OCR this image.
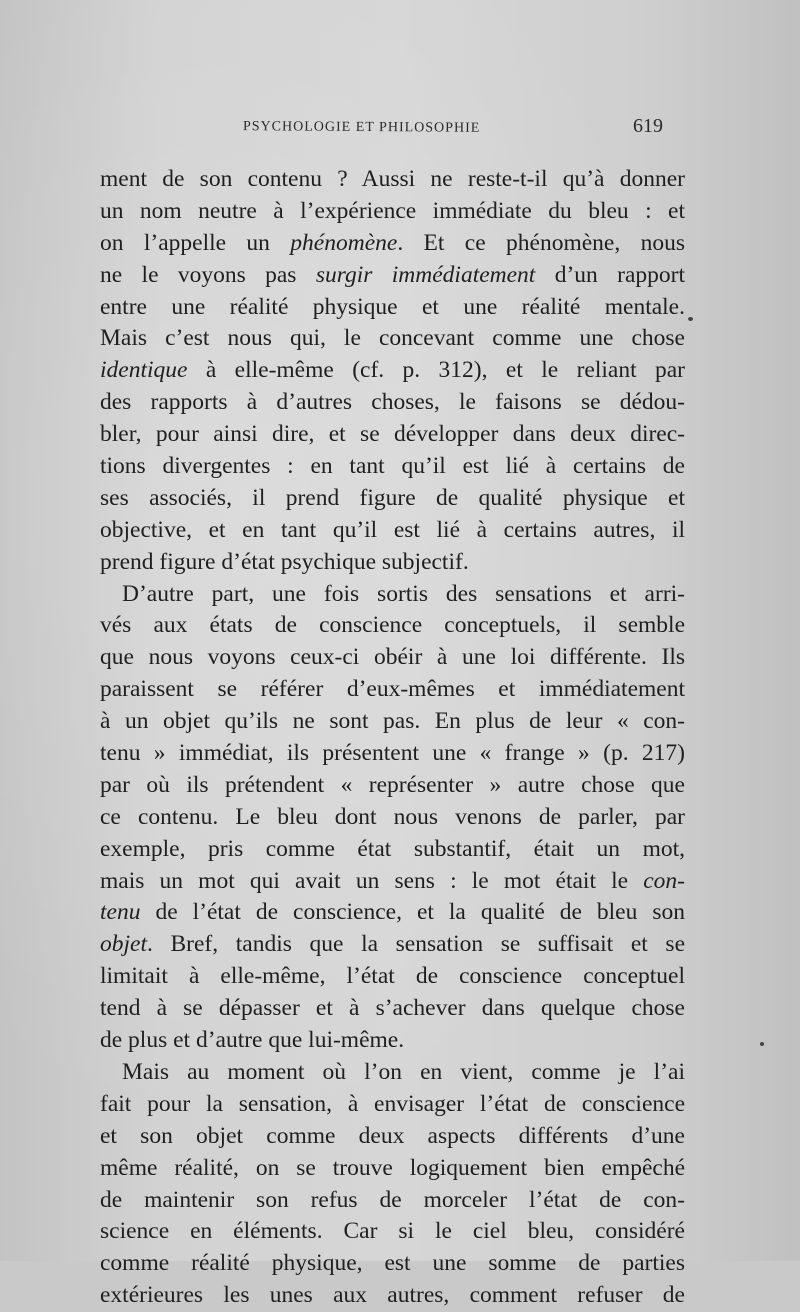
PSYCHOLOGIE ET PHILOSOPHIE	619
ment de son contenu ? Aussi ne reste-t-il qu’à donner
un nom neutre à l’expérience immédiate du bleu : et
on l’appelle un phénomène. Et ce phénomène, nous
ne le voyons pas surgir immédiatement d’un rapport
entre une réalité physique et une réalité mentale.
Mais c’est nous qui, le concevant comme une chose
identique à elle-même (cf. p. 312), et le reliant par
des rapports à d’autres choses, le faisons se dédou-
bler, pour ainsi dire, et se développer dans deux direc-
tions divergentes : en tant qu’il est lié à certains de
ses associés, il prend figure de qualité physique et
objective, et en tant qu’il est lié à certains autres, il
prend figure d’état psychique subjectif.
D’autre part, une fois sortis des sensations et arri-
vés aux états de conscience conceptuels, il semble
que nous voyons ceux-ci obéir à une loi différente. Ils
paraissent se référer d’eux-mêmes et immédiatement
à un objet qu’ils ne sont pas. En plus de leur « con-
tenu » immédiat, ils présentent une « frange » (p. 217)
par où ils prétendent « représenter » autre chose que
ce contenu. Le bleu dont nous venons de parler, par
exemple, pris comme état substantif, était un mot,
mais un mot qui avait un sens : le mot était le con-
tenu de l’état de conscience, et la qualité de bleu son
objet. Bref, tandis que la sensation se suffisait et se
limitait à elle-même, l’état de conscience conceptuel
tend à se dépasser et à s’achever dans quelque chose
de plus et d’autre que lui-même.
Mais au moment où l’on en vient, comme je l’ai
fait pour la sensation, à envisager l’état de conscience
et son objet comme deux aspects différents d’une
même réalité, on se trouve logiquement bien empêché
de maintenir son refus de morceler l’état de con-
science en éléments. Car si le ciel bleu, considéré
comme réalité physique, est une somme de parties
extérieures les unes aux autres, comment refuser de
